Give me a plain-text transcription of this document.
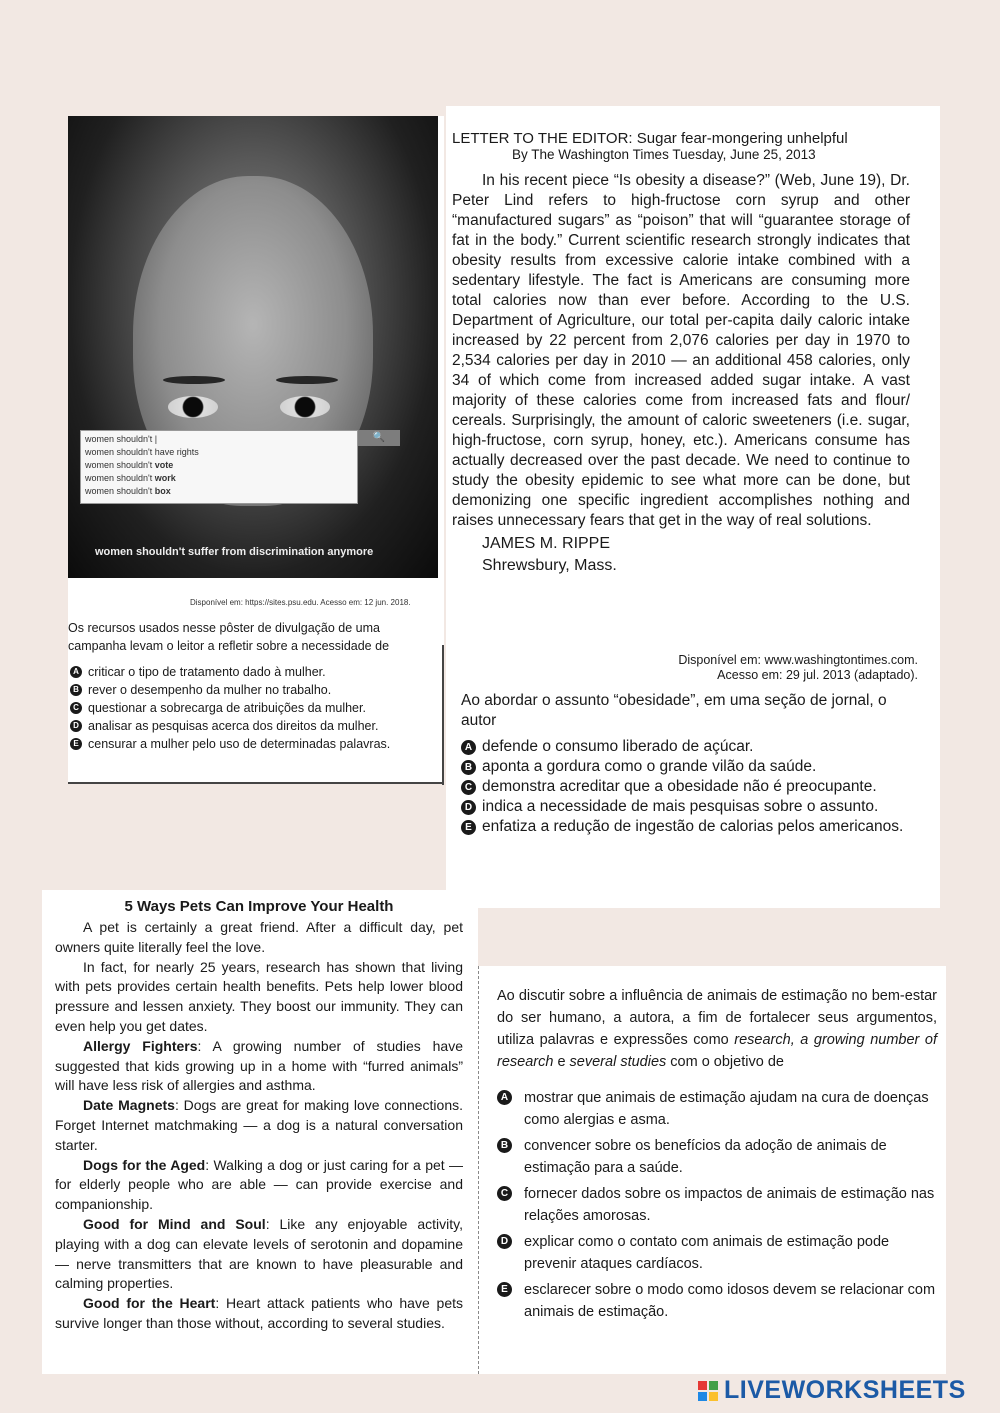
women shouldn't |
women shouldn't have rights
women shouldn't vote
women shouldn't work
women shouldn't box
🔍
women shouldn't suffer from discrimination anymore
Disponível em: https://sites.psu.edu. Acesso em: 12 jun. 2018.
Os recursos usados nesse pôster de divulgação de uma campanha levam o leitor a refletir sobre a necessidade de
A criticar o tipo de tratamento dado à mulher.
B rever o desempenho da mulher no trabalho.
C questionar a sobrecarga de atribuições da mulher.
D analisar as pesquisas acerca dos direitos da mulher.
E censurar a mulher pelo uso de determinadas palavras.
LETTER TO THE EDITOR: Sugar fear-mongering unhelpful
By The Washington Times Tuesday, June 25, 2013
In his recent piece “Is obesity a disease?” (Web, June 19), Dr. Peter Lind refers to high-fructose corn syrup and other “manufactured sugars” as “poison” that will “guarantee storage of fat in the body.” Current scientific research strongly indicates that obesity results from excessive calorie intake combined with a sedentary lifestyle. The fact is Americans are consuming more total calories now than ever before. According to the U.S. Department of Agriculture, our total per-capita daily caloric intake increased by 22 percent from 2,076 calories per day in 1970 to 2,534 calories per day in 2010 — an additional 458 calories, only 34 of which come from increased added sugar intake. A vast majority of these calories come from increased fats and flour/ cereals. Surprisingly, the amount of caloric sweeteners (i.e. sugar, high-fructose, corn syrup, honey, etc.). Americans consume has actually decreased over the past decade. We need to continue to study the obesity epidemic to see what more can be done, but demonizing one specific ingredient accomplishes nothing and raises unnecessary fears that get in the way of real solutions.
JAMES M. RIPPE
Shrewsbury, Mass.
Disponível em: www.washingtontimes.com.
Acesso em: 29 jul. 2013 (adaptado).
Ao abordar o assunto “obesidade”, em uma seção de jornal, o autor
A defende o consumo liberado de açúcar.
B aponta a gordura como o grande vilão da saúde.
C demonstra acreditar que a obesidade não é preocupante.
D indica a necessidade de mais pesquisas sobre o assunto.
E enfatiza a redução de ingestão de calorias pelos americanos.
5 Ways Pets Can Improve Your Health

A pet is certainly a great friend. After a difficult day, pet owners quite literally feel the love.

In fact, for nearly 25 years, research has shown that living with pets provides certain health benefits. Pets help lower blood pressure and lessen anxiety. They boost our immunity. They can even help you get dates.

Allergy Fighters: A growing number of studies have suggested that kids growing up in a home with “furred animals” will have less risk of allergies and asthma.

Date Magnets: Dogs are great for making love connections. Forget Internet matchmaking — a dog is a natural conversation starter.

Dogs for the Aged: Walking a dog or just caring for a pet — for elderly people who are able — can provide exercise and companionship.

Good for Mind and Soul: Like any enjoyable activity, playing with a dog can elevate levels of serotonin and dopamine — nerve transmitters that are known to have pleasurable and calming properties.

Good for the Heart: Heart attack patients who have pets survive longer than those without, according to several studies.

Ao discutir sobre a influência de animais de estimação no bem-estar do ser humano, a autora, a fim de fortalecer seus argumentos, utiliza palavras e expressões como research, a growing number of research e several studies com o objetivo de
A mostrar que animais de estimação ajudam na cura de doenças como alergias e asma.
B convencer sobre os benefícios da adoção de animais de estimação para a saúde.
C fornecer dados sobre os impactos de animais de estimação nas relações amorosas.
D explicar como o contato com animais de estimação pode prevenir ataques cardíacos.
E esclarecer sobre o modo como idosos devem se relacionar com animais de estimação.
LIVEWORKSHEETS
